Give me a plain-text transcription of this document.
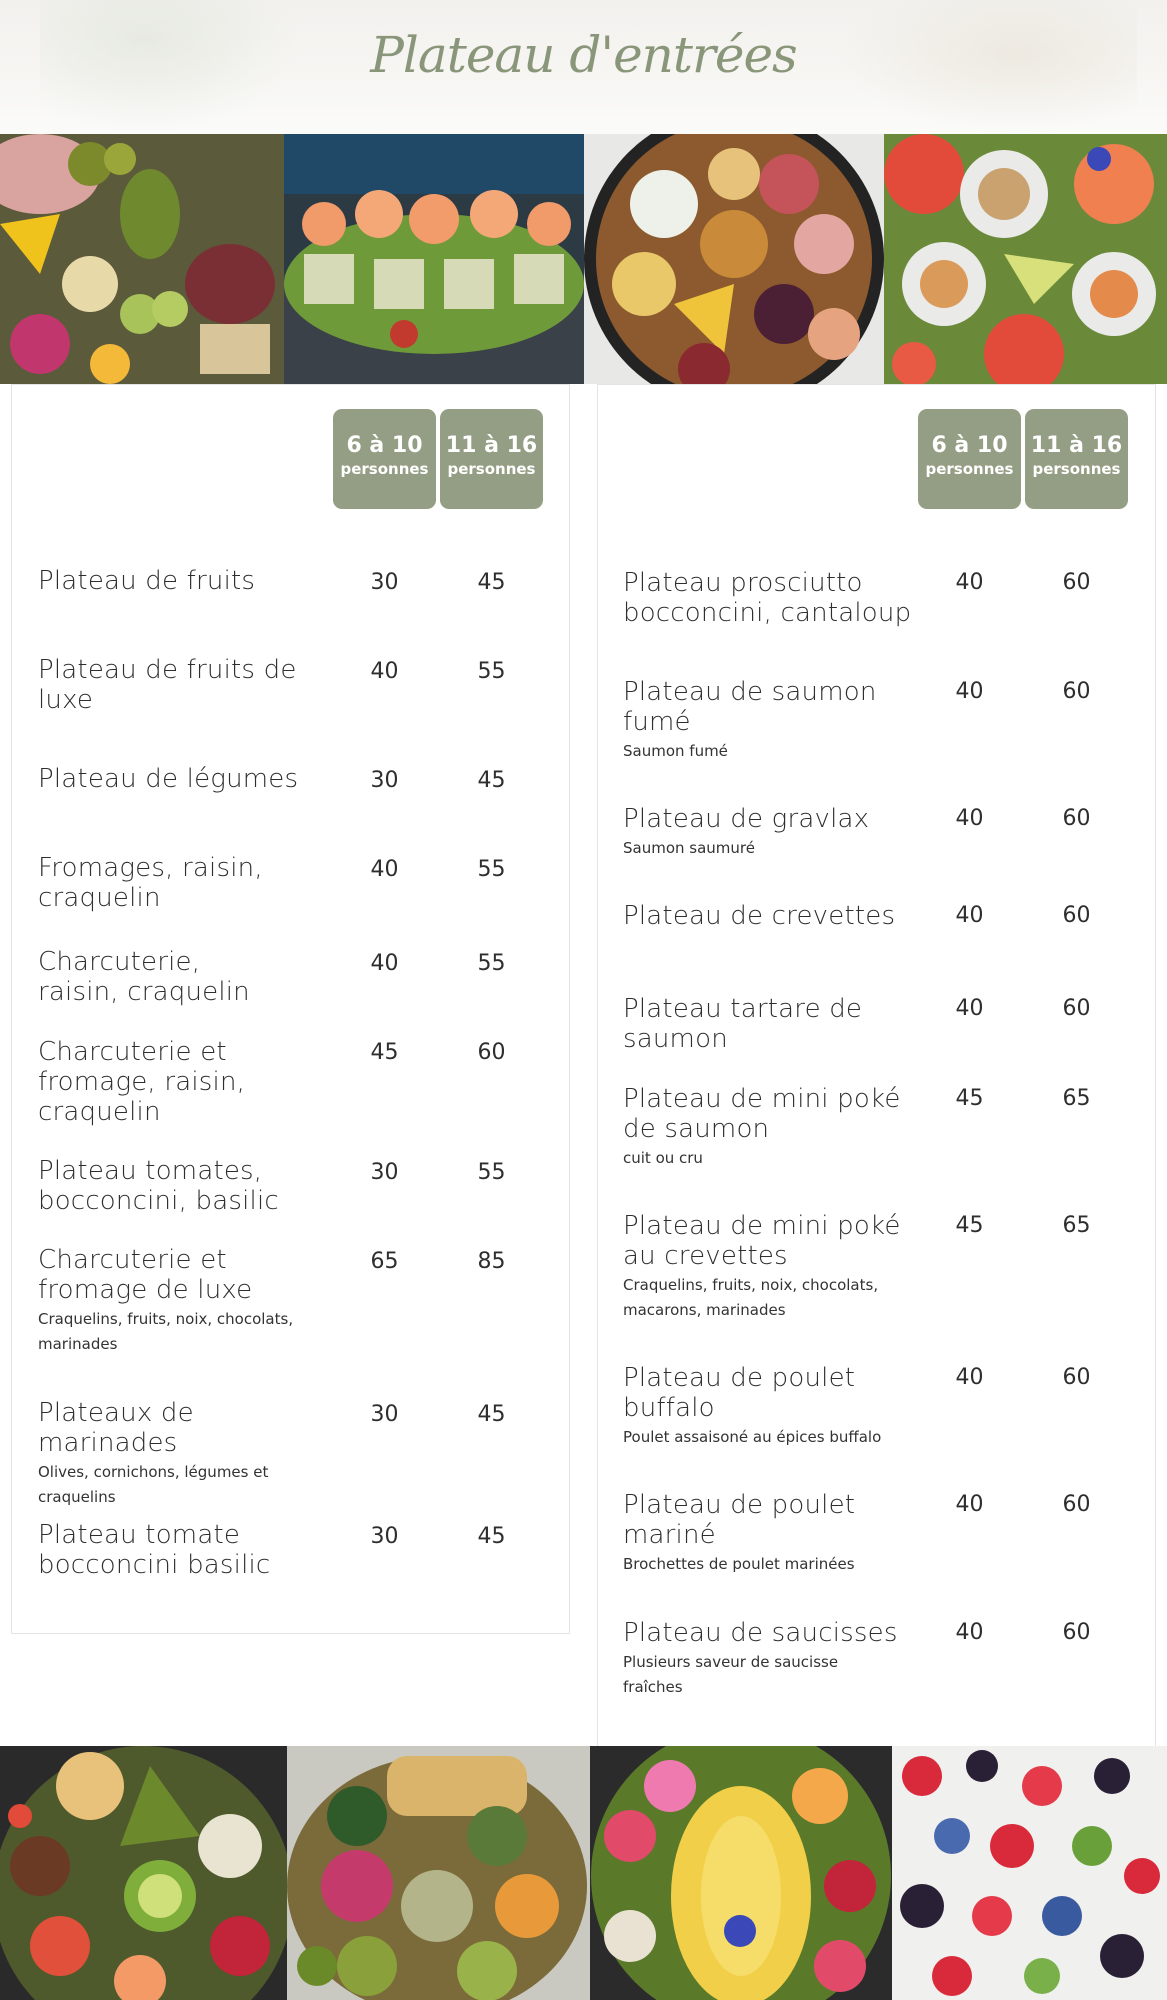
Plateau d'entrées
6 à 10
personnes
11 à 16
personnes
Plateau de fruits	30	45
Plateau de fruits de luxe
40	55
Plateau de légumes	30	45
Fromages, raisin, craquelin
40	55
Charcuterie, raisin, craquelin
40	55
Charcuterie et fromage, raisin, craquelin
45	60
Plateau tomates, bocconcini, basilic
30	55
Charcuterie et fromage de luxe
Craquelins, fruits, noix, chocolats, marinades
65	85
Plateaux de marinades
Olives, cornichons, légumes et craquelins
30	45
Plateau tomate bocconcini basilic
30	45
6 à 10
personnes
11 à 16
personnes
Plateau prosciutto bocconcini, cantaloup
40	60
Plateau de saumon fumé
Saumon fumé
40	60
Plateau de gravlax
Saumon saumuré
40	60
Plateau de crevettes	40	60
Plateau tartare de saumon
40	60
Plateau de mini poké de saumon
cuit ou cru
45	65
Plateau de mini poké au crevettes
Craquelins, fruits, noix, chocolats, macarons, marinades
45	65
Plateau de poulet buffalo
Poulet assaisoné au épices buffalo
40	60
Plateau de poulet mariné
Brochettes de poulet marinées
40	60
Plateau de saucisses
Plusieurs saveur de saucisse fraîches
40	60
